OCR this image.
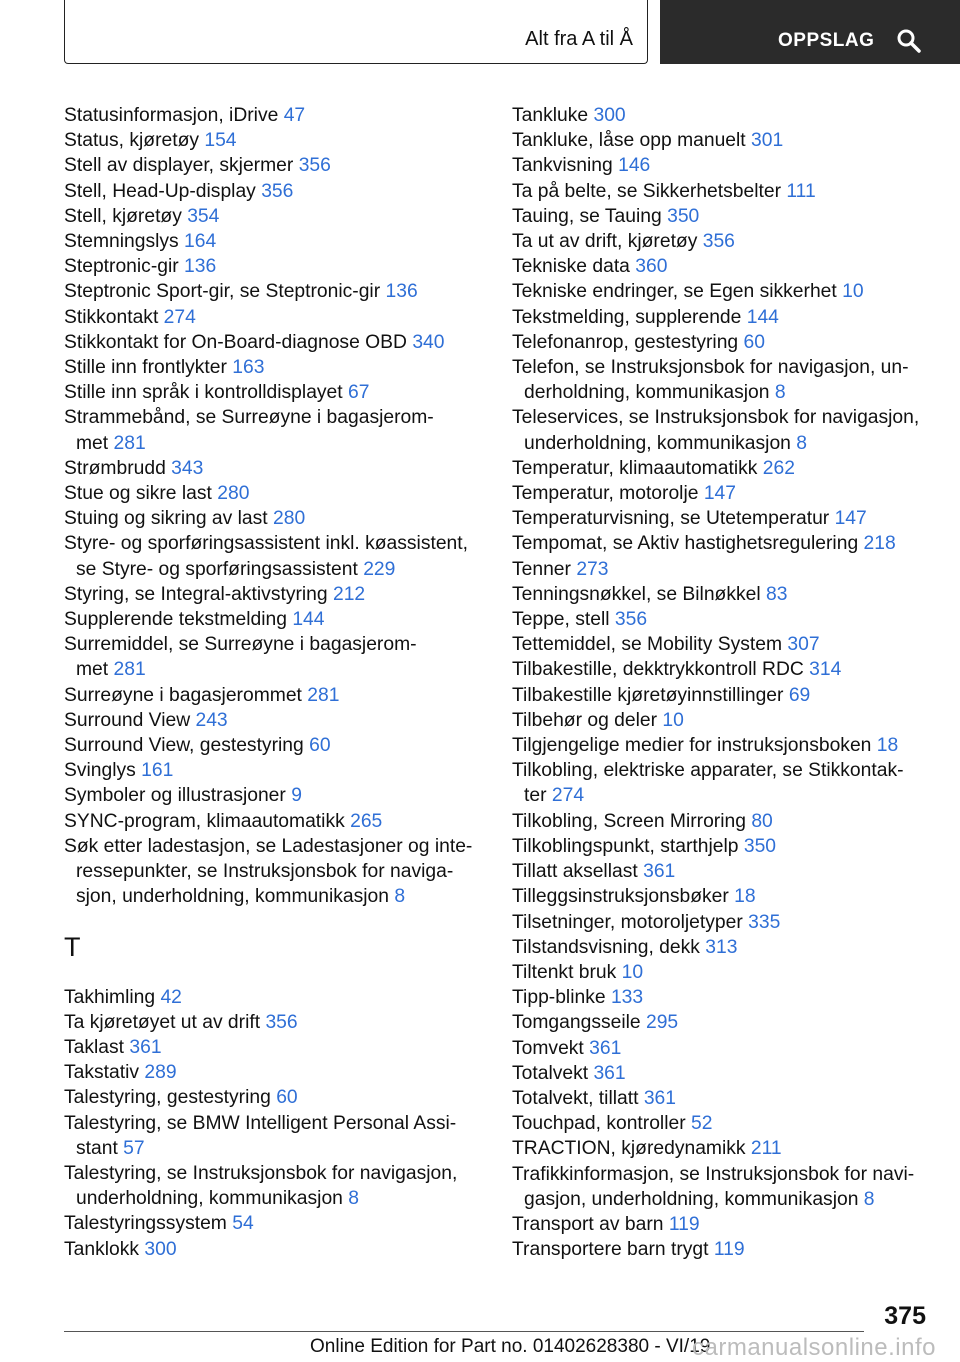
Alt fra A til Å	OPPSLAG
Statusinformasjon, iDrive 47
Status, kjøretøy 154
Stell av displayer, skjermer 356
Stell, Head-Up-display 356
Stell, kjøretøy 354
Stemningslys 164
Steptronic-gir 136
Steptronic Sport-gir, se Steptronic-gir 136
Stikkontakt 274
Stikkontakt for On-Board-diagnose OBD 340
Stille inn frontlykter 163
Stille inn språk i kontrolldisplayet 67
Strammebånd, se Surreøyne i bagasjerom-
met 281
Strømbrudd 343
Stue og sikre last 280
Stuing og sikring av last 280
Styre- og sporføringsassistent inkl. køassistent,
se Styre- og sporføringsassistent 229
Styring, se Integral-aktivstyring 212
Supplerende tekstmelding 144
Surremiddel, se Surreøyne i bagasjerom-
met 281
Surreøyne i bagasjerommet 281
Surround View 243
Surround View, gestestyring 60
Svinglys 161
Symboler og illustrasjoner 9
SYNC-program, klimaautomatikk 265
Søk etter ladestasjon, se Ladestasjoner og inte-
ressepunkter, se Instruksjonsbok for naviga-
sjon, underholdning, kommunikasjon 8
T
Takhimling 42
Ta kjøretøyet ut av drift 356
Taklast 361
Takstativ 289
Talestyring, gestestyring 60
Talestyring, se BMW Intelligent Personal Assi-
stant 57
Talestyring, se Instruksjonsbok for navigasjon,
underholdning, kommunikasjon 8
Talestyringssystem 54
Tanklokk 300
Tankluke 300
Tankluke, låse opp manuelt 301
Tankvisning 146
Ta på belte, se Sikkerhetsbelter 111
Tauing, se Tauing 350
Ta ut av drift, kjøretøy 356
Tekniske data 360
Tekniske endringer, se Egen sikkerhet 10
Tekstmelding, supplerende 144
Telefonanrop, gestestyring 60
Telefon, se Instruksjonsbok for navigasjon, un-
derholdning, kommunikasjon 8
Teleservices, se Instruksjonsbok for navigasjon,
underholdning, kommunikasjon 8
Temperatur, klimaautomatikk 262
Temperatur, motorolje 147
Temperaturvisning, se Utetemperatur 147
Tempomat, se Aktiv hastighetsregulering 218
Tenner 273
Tenningsnøkkel, se Bilnøkkel 83
Teppe, stell 356
Tettemiddel, se Mobility System 307
Tilbakestille, dekktrykkontroll RDC 314
Tilbakestille kjøretøyinnstillinger 69
Tilbehør og deler 10
Tilgjengelige medier for instruksjonsboken 18
Tilkobling, elektriske apparater, se Stikkontak-
ter 274
Tilkobling, Screen Mirroring 80
Tilkoblingspunkt, starthjelp 350
Tillatt aksellast 361
Tilleggsinstruksjonsbøker 18
Tilsetninger, motoroljetyper 335
Tilstandsvisning, dekk 313
Tiltenkt bruk 10
Tipp-blinke 133
Tomgangsseile 295
Tomvekt 361
Totalvekt 361
Totalvekt, tillatt 361
Touchpad, kontroller 52
TRACTION, kjøredynamikk 211
Trafikkinformasjon, se Instruksjonsbok for navi-
gasjon, underholdning, kommunikasjon 8
Transport av barn 119
Transportere barn trygt 119
375
Online Edition for Part no. 01402628380 - VI/19
carmanualsonline.info
